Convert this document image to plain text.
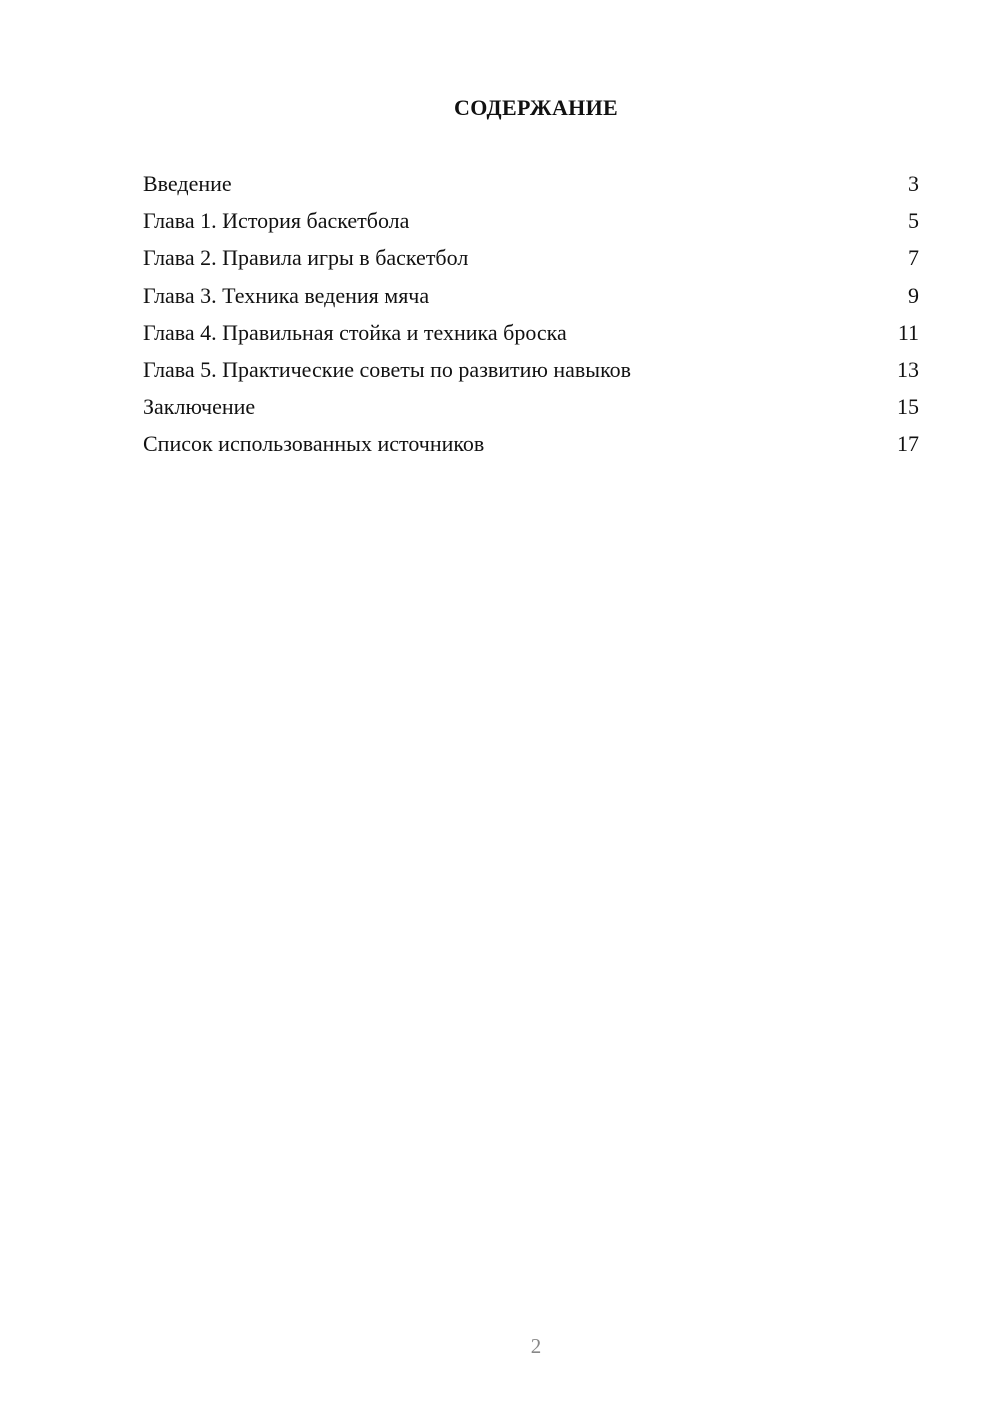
СОДЕРЖАНИЕ
Введение	3
Глава 1. История баскетбола	5
Глава 2. Правила игры в баскетбол	7
Глава 3. Техника ведения мяча	9
Глава 4. Правильная стойка и техника броска	11
Глава 5. Практические советы по развитию навыков	13
Заключение	15
Список использованных источников	17
2
